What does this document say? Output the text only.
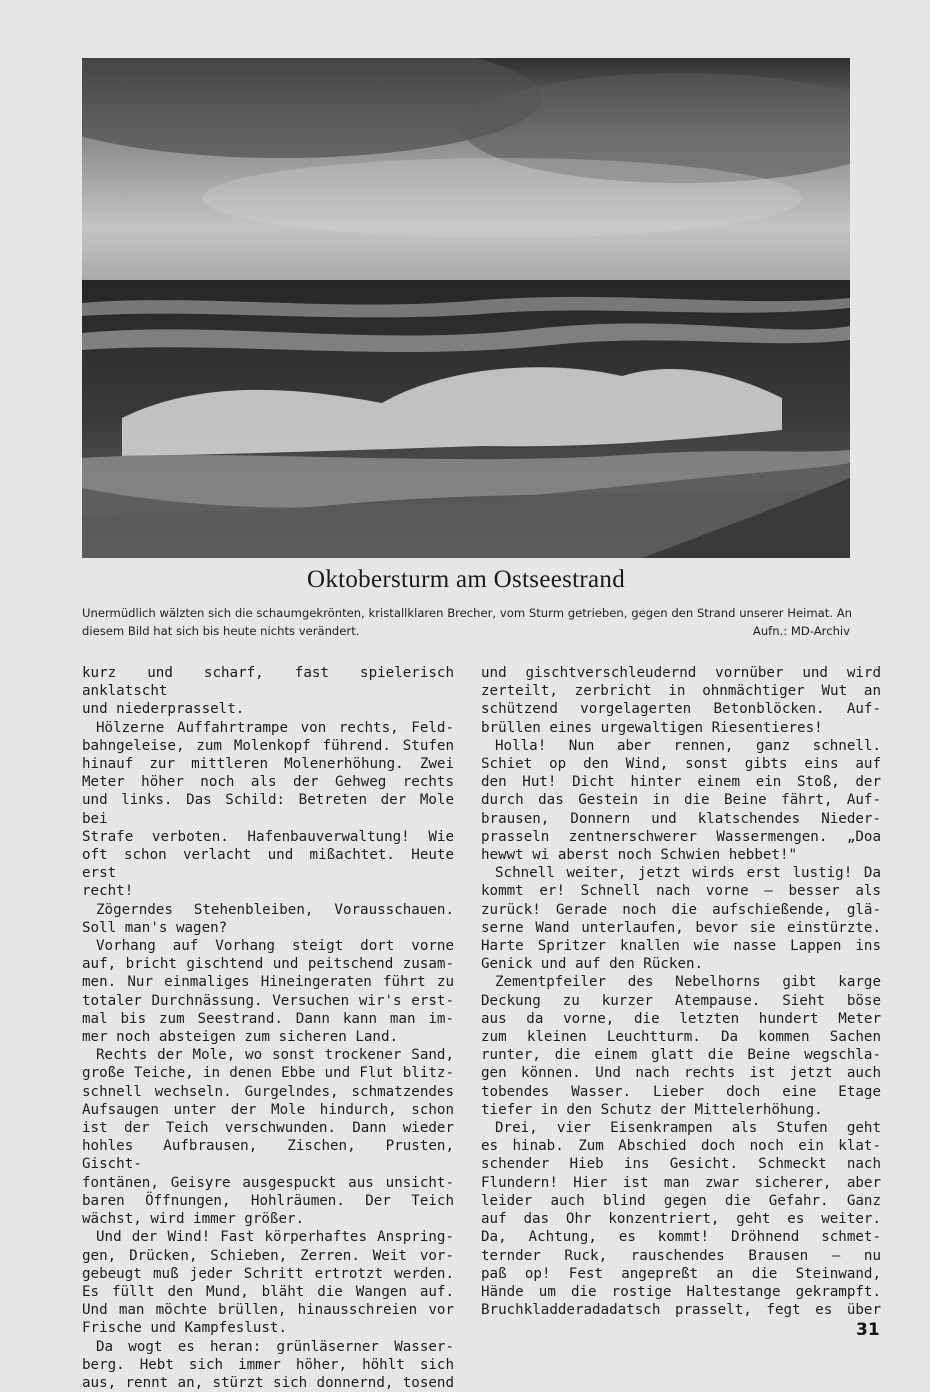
Oktobersturm am Ostseestrand
Unermüdlich wälzten sich die schaumgekrönten, kristallklaren Brecher, vom Sturm getrieben, gegen den Strand unserer Heimat. An diesem Bild hat sich bis heute nichts verändert.	Aufn.: MD-Archiv
kurz und scharf, fast spielerisch anklatscht
und niederprasselt.
Hölzerne Auffahrtrampe von rechts, Feld-
bahngeleise, zum Molenkopf führend. Stufen
hinauf zur mittleren Molenerhöhung. Zwei
Meter höher noch als der Gehweg rechts
und links. Das Schild: Betreten der Mole bei
Strafe verboten. Hafenbauverwaltung! Wie
oft schon verlacht und mißachtet. Heute erst
recht!
Zögerndes Stehenbleiben, Vorausschauen.
Soll man's wagen?
Vorhang auf Vorhang steigt dort vorne
auf, bricht gischtend und peitschend zusam-
men. Nur einmaliges Hineingeraten führt zu
totaler Durchnässung. Versuchen wir's erst-
mal bis zum Seestrand. Dann kann man im-
mer noch absteigen zum sicheren Land.
Rechts der Mole, wo sonst trockener Sand,
große Teiche, in denen Ebbe und Flut blitz-
schnell wechseln. Gurgelndes, schmatzendes
Aufsaugen unter der Mole hindurch, schon
ist der Teich verschwunden. Dann wieder
hohles Aufbrausen, Zischen, Prusten, Gischt-
fontänen, Geisyre ausgespuckt aus unsicht-
baren Öffnungen, Hohlräumen. Der Teich
wächst, wird immer größer.
Und der Wind! Fast körperhaftes Anspring-
gen, Drücken, Schieben, Zerren. Weit vor-
gebeugt muß jeder Schritt ertrotzt werden.
Es füllt den Mund, bläht die Wangen auf.
Und man möchte brüllen, hinausschreien vor
Frische und Kampfeslust.
Da wogt es heran: grünläserner Wasser-
berg. Hebt sich immer höher, höhlt sich
aus, rennt an, stürzt sich donnernd, tosend
und gischtverschleudernd vornüber und wird
zerteilt, zerbricht in ohnmächtiger Wut an
schützend vorgelagerten Betonblöcken. Auf-
brüllen eines urgewaltigen Riesentieres!
Holla! Nun aber rennen, ganz schnell.
Schiet op den Wind, sonst gibts eins auf
den Hut! Dicht hinter einem ein Stoß, der
durch das Gestein in die Beine fährt, Auf-
brausen, Donnern und klatschendes Nieder-
prasseln zentnerschwerer Wassermengen. „Doa
hewwt wi aberst noch Schwien hebbet!"
Schnell weiter, jetzt wirds erst lustig! Da
kommt er! Schnell nach vorne — besser als
zurück! Gerade noch die aufschießende, glä-
serne Wand unterlaufen, bevor sie einstürzte.
Harte Spritzer knallen wie nasse Lappen ins
Genick und auf den Rücken.
Zementpfeiler des Nebelhorns gibt karge
Deckung zu kurzer Atempause. Sieht böse
aus da vorne, die letzten hundert Meter
zum kleinen Leuchtturm. Da kommen Sachen
runter, die einem glatt die Beine wegschla-
gen können. Und nach rechts ist jetzt auch
tobendes Wasser. Lieber doch eine Etage
tiefer in den Schutz der Mittelerhöhung.
Drei, vier Eisenkrampen als Stufen geht
es hinab. Zum Abschied doch noch ein klat-
schender Hieb ins Gesicht. Schmeckt nach
Flundern! Hier ist man zwar sicherer, aber
leider auch blind gegen die Gefahr. Ganz
auf das Ohr konzentriert, geht es weiter.
Da, Achtung, es kommt! Dröhnend schmet-
ternder Ruck, rauschendes Brausen — nu
paß op! Fest angepreßt an die Steinwand,
Hände um die rostige Haltestange gekrampft.
Bruchkladderadadatsch prasselt, fegt es über
31
